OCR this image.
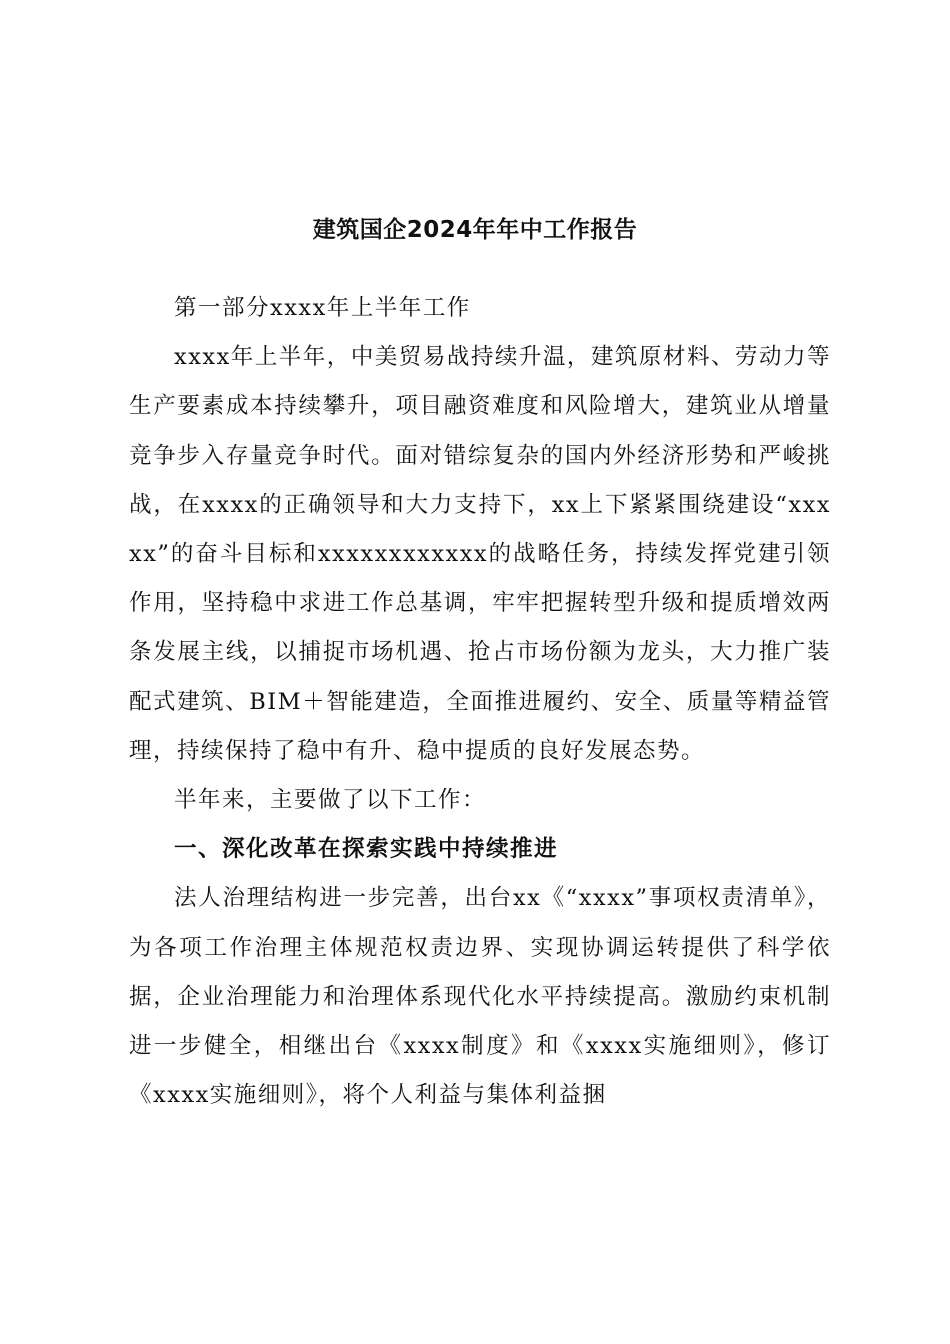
建筑国企2024年年中工作报告

第一部分xxxx年上半年工作

xxxx年上半年，中美贸易战持续升温，建筑原材料、劳动力等生产要素成本持续攀升，项目融资难度和风险增大，建筑业从增量竞争步入存量竞争时代。面对错综复杂的国内外经济形势和严峻挑战，在xxxx的正确领导和大力支持下，xx上下紧紧围绕建设“xxxxx”的奋斗目标和xxxxxxxxxxxx的战略任务，持续发挥党建引领作用，坚持稳中求进工作总基调，牢牢把握转型升级和提质增效两条发展主线，以捕捉市场机遇、抢占市场份额为龙头，大力推广装配式建筑、BIM＋智能建造，全面推进履约、安全、质量等精益管理，持续保持了稳中有升、稳中提质的良好发展态势。

半年来，主要做了以下工作：

一、深化改革在探索实践中持续推进

法人治理结构进一步完善，出台xx《“xxxx”事项权责清单》，为各项工作治理主体规范权责边界、实现协调运转提供了科学依据，企业治理能力和治理体系现代化水平持续提高。激励约束机制进一步健全，相继出台《xxxx制度》和《xxxx实施细则》，修订《xxxx实施细则》，将个人利益与集体利益捆
